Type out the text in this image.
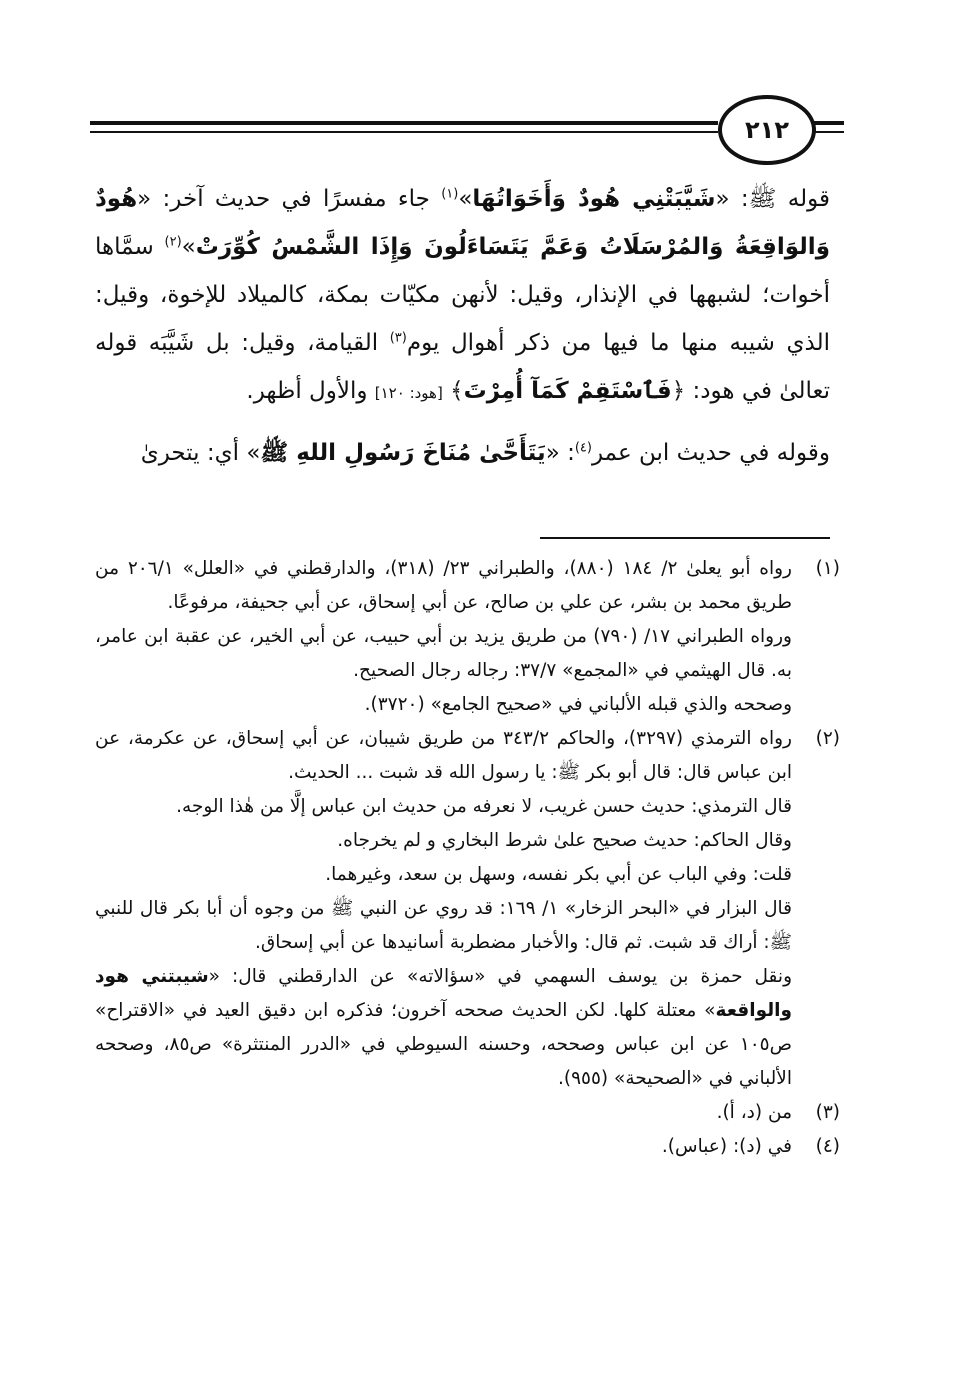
٢١٢

قوله ﷺ: «شَيَّبَتْنِي هُودٌ وَأَخَوَاتُهَا»$^{(١)}$ جاء مفسرًا في حديث آخر: «هُودٌ وَالوَاقِعَةُ وَالمُرْسَلَاتُ وَعَمَّ يَتَسَاءَلُونَ وَإِذَا الشَّمْسُ كُوِّرَتْ»$^{(٢)}$ سمَّاها أخوات؛ لشبهها في الإنذار، وقيل: لأنهن مكيّات بمكة، كالميلاد للإخوة، وقيل: الذي شيبه منها ما فيها من ذكر أهوال يوم$^{(٣)}$ القيامة، وقيل: بل شَيَّبَه قوله تعالىٰ في هود: ﴿فَٱسْتَقِمْ كَمَآ أُمِرْتَ﴾ [هود: ١٢٠] والأول أظهر.

وقوله في حديث ابن عمر$^{(٤)}$: «يَتَأَحَّىٰ مُنَاخَ رَسُولِ اللهِ ﷺ» أي: يتحرىٰ

(١)

رواه أبو يعلىٰ ٢/ ١٨٤ (٨٨٠)، والطبراني ٢٣/ (٣١٨)، والدارقطني في «العلل» ٢٠٦/١ من طريق محمد بن بشر، عن علي بن صالح، عن أبي إسحاق، عن أبي جحيفة، مرفوعًا.

ورواه الطبراني ١٧/ (٧٩٠) من طريق يزيد بن أبي حبيب، عن أبي الخير، عن عقبة ابن عامر، به. قال الهيثمي في «المجمع» ٣٧/٧: رجاله رجال الصحيح.

وصححه والذي قبله الألباني في «صحيح الجامع» (٣٧٢٠).

(٢)

رواه الترمذي (٣٢٩٧)، والحاكم ٣٤٣/٢ من طريق شيبان، عن أبي إسحاق، عن عكرمة، عن ابن عباس قال: قال أبو بكر ﷺ: يا رسول الله قد شبت ... الحديث.

قال الترمذي: حديث حسن غريب، لا نعرفه من حديث ابن عباس إلَّا من هٰذا الوجه.

وقال الحاكم: حديث صحيح علىٰ شرط البخاري و لم يخرجاه.

قلت: وفي الباب عن أبي بكر نفسه، وسهل بن سعد، وغيرهما.

قال البزار في «البحر الزخار» ١/ ١٦٩: قد روي عن النبي ﷺ من وجوه أن أبا بكر قال للنبي ﷺ: أراك قد شبت. ثم قال: والأخبار مضطربة أسانيدها عن أبي إسحاق.

ونقل حمزة بن يوسف السهمي في «سؤالاته» عن الدارقطني قال: «شيبتني هود والواقعة» معتلة كلها. لكن الحديث صححه آخرون؛ فذكره ابن دقيق العيد في «الاقتراح» ص١٠٥ عن ابن عباس وصححه، وحسنه السيوطي في «الدرر المنتثرة» ص٨٥، وصححه الألباني في «الصحيحة» (٩٥٥).

(٣)

من (د، أ).

(٤)

في (د): (عباس).
